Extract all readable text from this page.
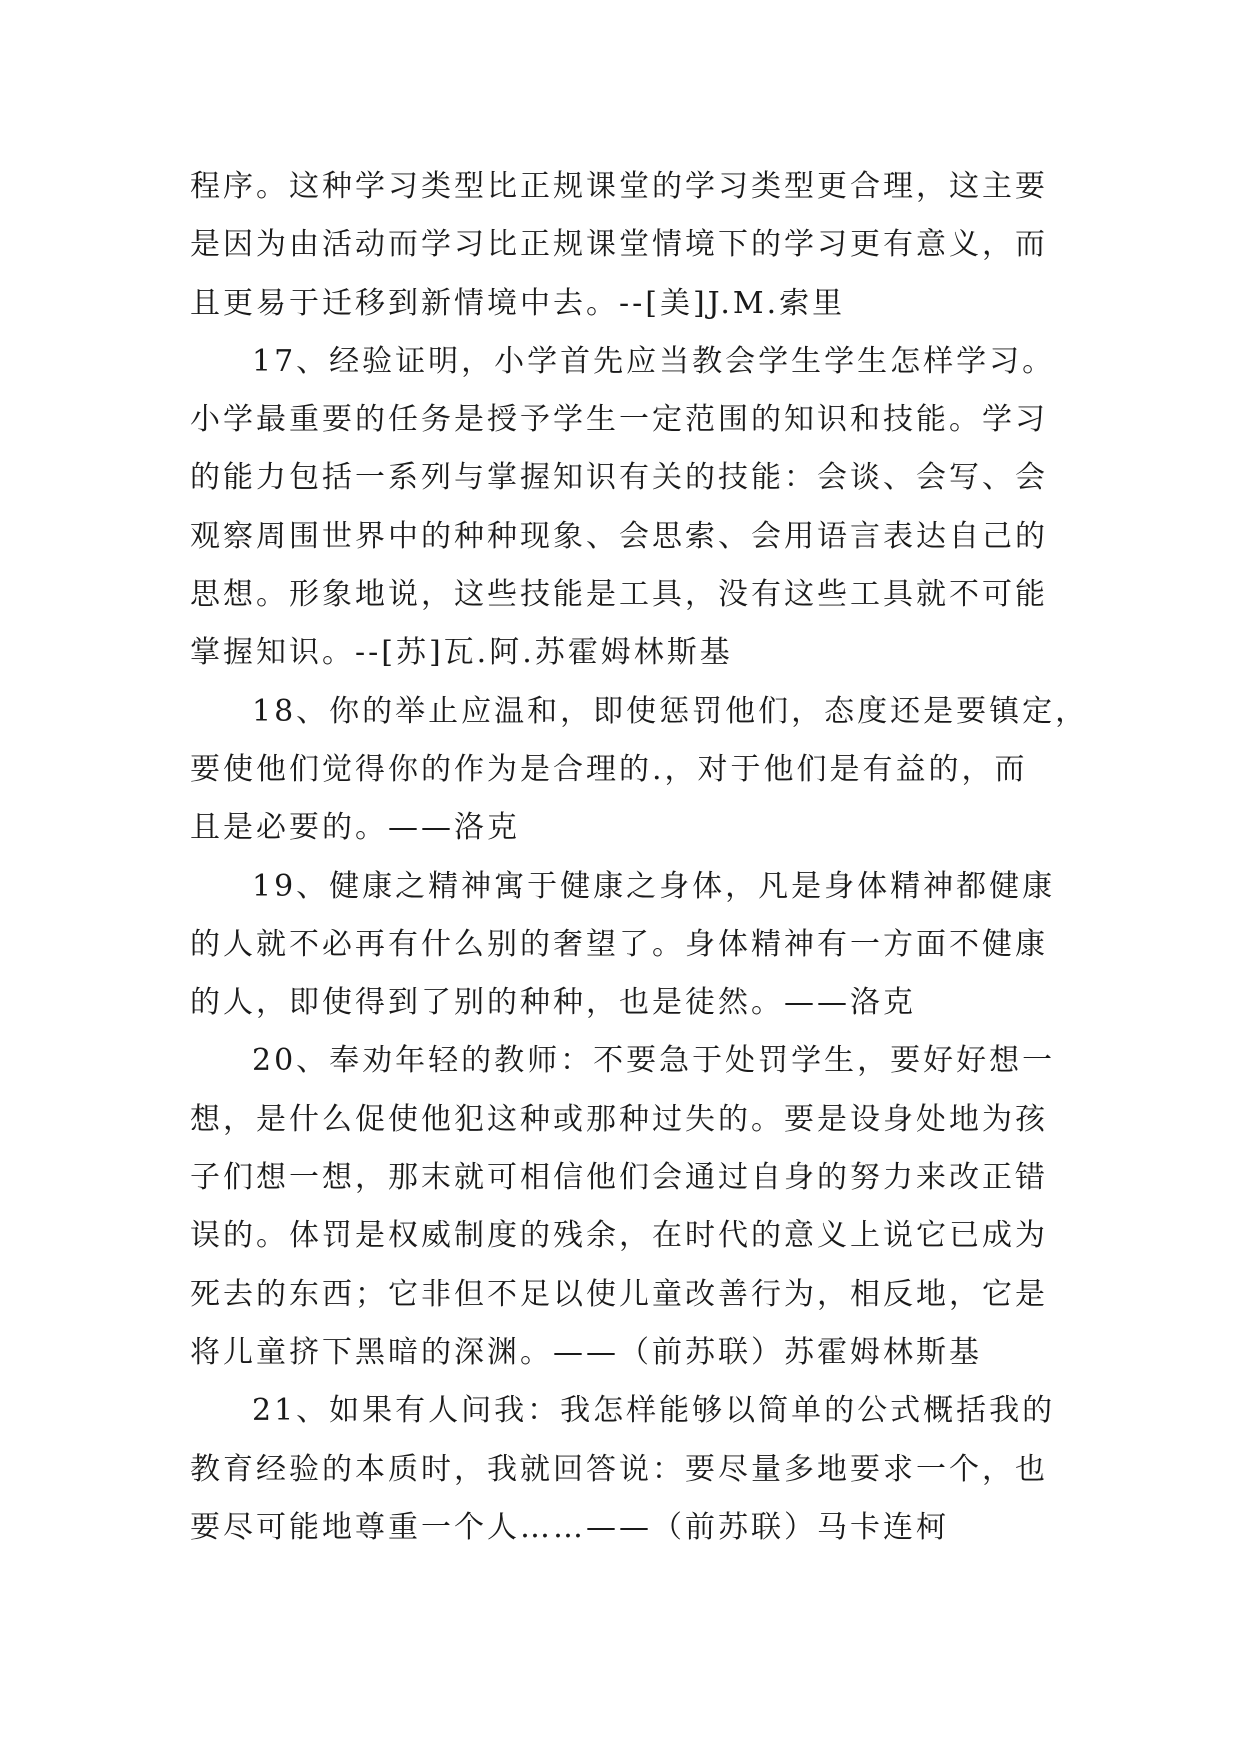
程序。这种学习类型比正规课堂的学习类型更合理，这主要
是因为由活动而学习比正规课堂情境下的学习更有意义，而
且更易于迁移到新情境中去。--[美]J.M.索里
17、经验证明，小学首先应当教会学生学生怎样学习。
小学最重要的任务是授予学生一定范围的知识和技能。学习
的能力包括一系列与掌握知识有关的技能：会谈、会写、会
观察周围世界中的种种现象、会思索、会用语言表达自己的
思想。形象地说，这些技能是工具，没有这些工具就不可能
掌握知识。--[苏]瓦.阿.苏霍姆林斯基
18、你的举止应温和，即使惩罚他们，态度还是要镇定，
要使他们觉得你的作为是合理的.，对于他们是有益的，而
且是必要的。——洛克
19、健康之精神寓于健康之身体，凡是身体精神都健康
的人就不必再有什么别的奢望了。身体精神有一方面不健康
的人，即使得到了别的种种，也是徒然。——洛克
20、奉劝年轻的教师：不要急于处罚学生，要好好想一
想，是什么促使他犯这种或那种过失的。要是设身处地为孩
子们想一想，那末就可相信他们会通过自身的努力来改正错
误的。体罚是权威制度的残余，在时代的意义上说它已成为
死去的东西；它非但不足以使儿童改善行为，相反地，它是
将儿童挤下黑暗的深渊。——（前苏联）苏霍姆林斯基
21、如果有人问我：我怎样能够以简单的公式概括我的
教育经验的本质时，我就回答说：要尽量多地要求一个，也
要尽可能地尊重一个人……——（前苏联）马卡连柯
